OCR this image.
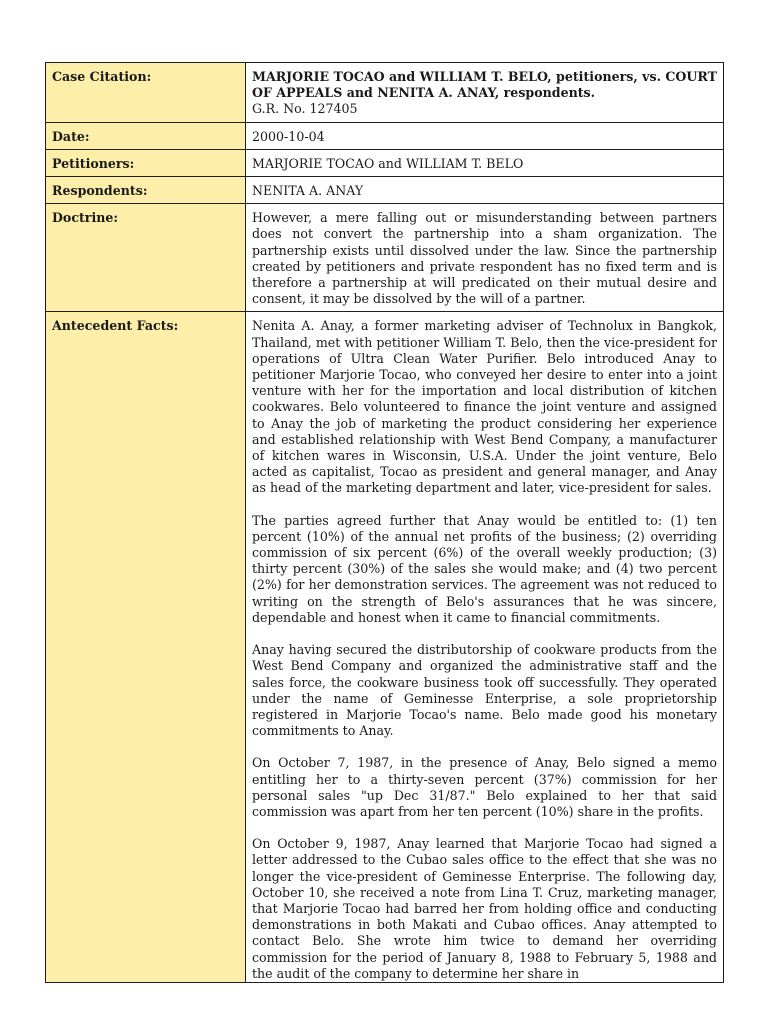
Case Citation:	MARJORIE TOCAO and WILLIAM T. BELO, petitioners, vs. COURT OF APPEALS and NENITA A. ANAY, respondents.
G.R. No. 127405

Date:	2000-10-04
Petitioners:	MARJORIE TOCAO and WILLIAM T. BELO
Respondents:	NENITA A. ANAY
Doctrine:	However, a mere falling out or misunderstanding between partners does not convert the partnership into a sham organization. The partnership exists until dissolved under the law. Since the partnership created by petitioners and private respondent has no fixed term and is therefore a partnership at will predicated on their mutual desire and consent, it may be dissolved by the will of a partner.
Antecedent Facts:	Nenita A. Anay, a former marketing adviser of Technolux in Bangkok, Thailand, met with petitioner William T. Belo, then the vice-president for operations of Ultra Clean Water Purifier. Belo introduced Anay to petitioner Marjorie Tocao, who conveyed her desire to enter into a joint venture with her for the importation and local distribution of kitchen cookwares. Belo volunteered to finance the joint venture and assigned to Anay the job of marketing the product considering her experience and established relationship with West Bend Company, a manufacturer of kitchen wares in Wisconsin, U.S.A. Under the joint venture, Belo acted as capitalist, Tocao as president and general manager, and Anay as head of the marketing department and later, vice-president for sales.

The parties agreed further that Anay would be entitled to: (1) ten percent (10%) of the annual net profits of the business; (2) overriding commission of six percent (6%) of the overall weekly production; (3) thirty percent (30%) of the sales she would make; and (4) two percent (2%) for her demonstration services. The agreement was not reduced to writing on the strength of Belo's assurances that he was sincere, dependable and honest when it came to financial commitments.

Anay having secured the distributorship of cookware products from the West Bend Company and organized the administrative staff and the sales force, the cookware business took off successfully. They operated under the name of Geminesse Enterprise, a sole proprietorship registered in Marjorie Tocao's name. Belo made good his monetary commitments to Anay.

On October 7, 1987, in the presence of Anay, Belo signed a memo entitling her to a thirty-seven percent (37%) commission for her personal sales "up Dec 31/87." Belo explained to her that said commission was apart from her ten percent (10%) share in the profits.

On October 9, 1987, Anay learned that Marjorie Tocao had signed a letter addressed to the Cubao sales office to the effect that she was no longer the vice-president of Geminesse Enterprise. The following day, October 10, she received a note from Lina T. Cruz, marketing manager, that Marjorie Tocao had barred her from holding office and conducting demonstrations in both Makati and Cubao offices. Anay attempted to contact Belo. She wrote him twice to demand her overriding commission for the period of January 8, 1988 to February 5, 1988 and the audit of the company to determine her share in
